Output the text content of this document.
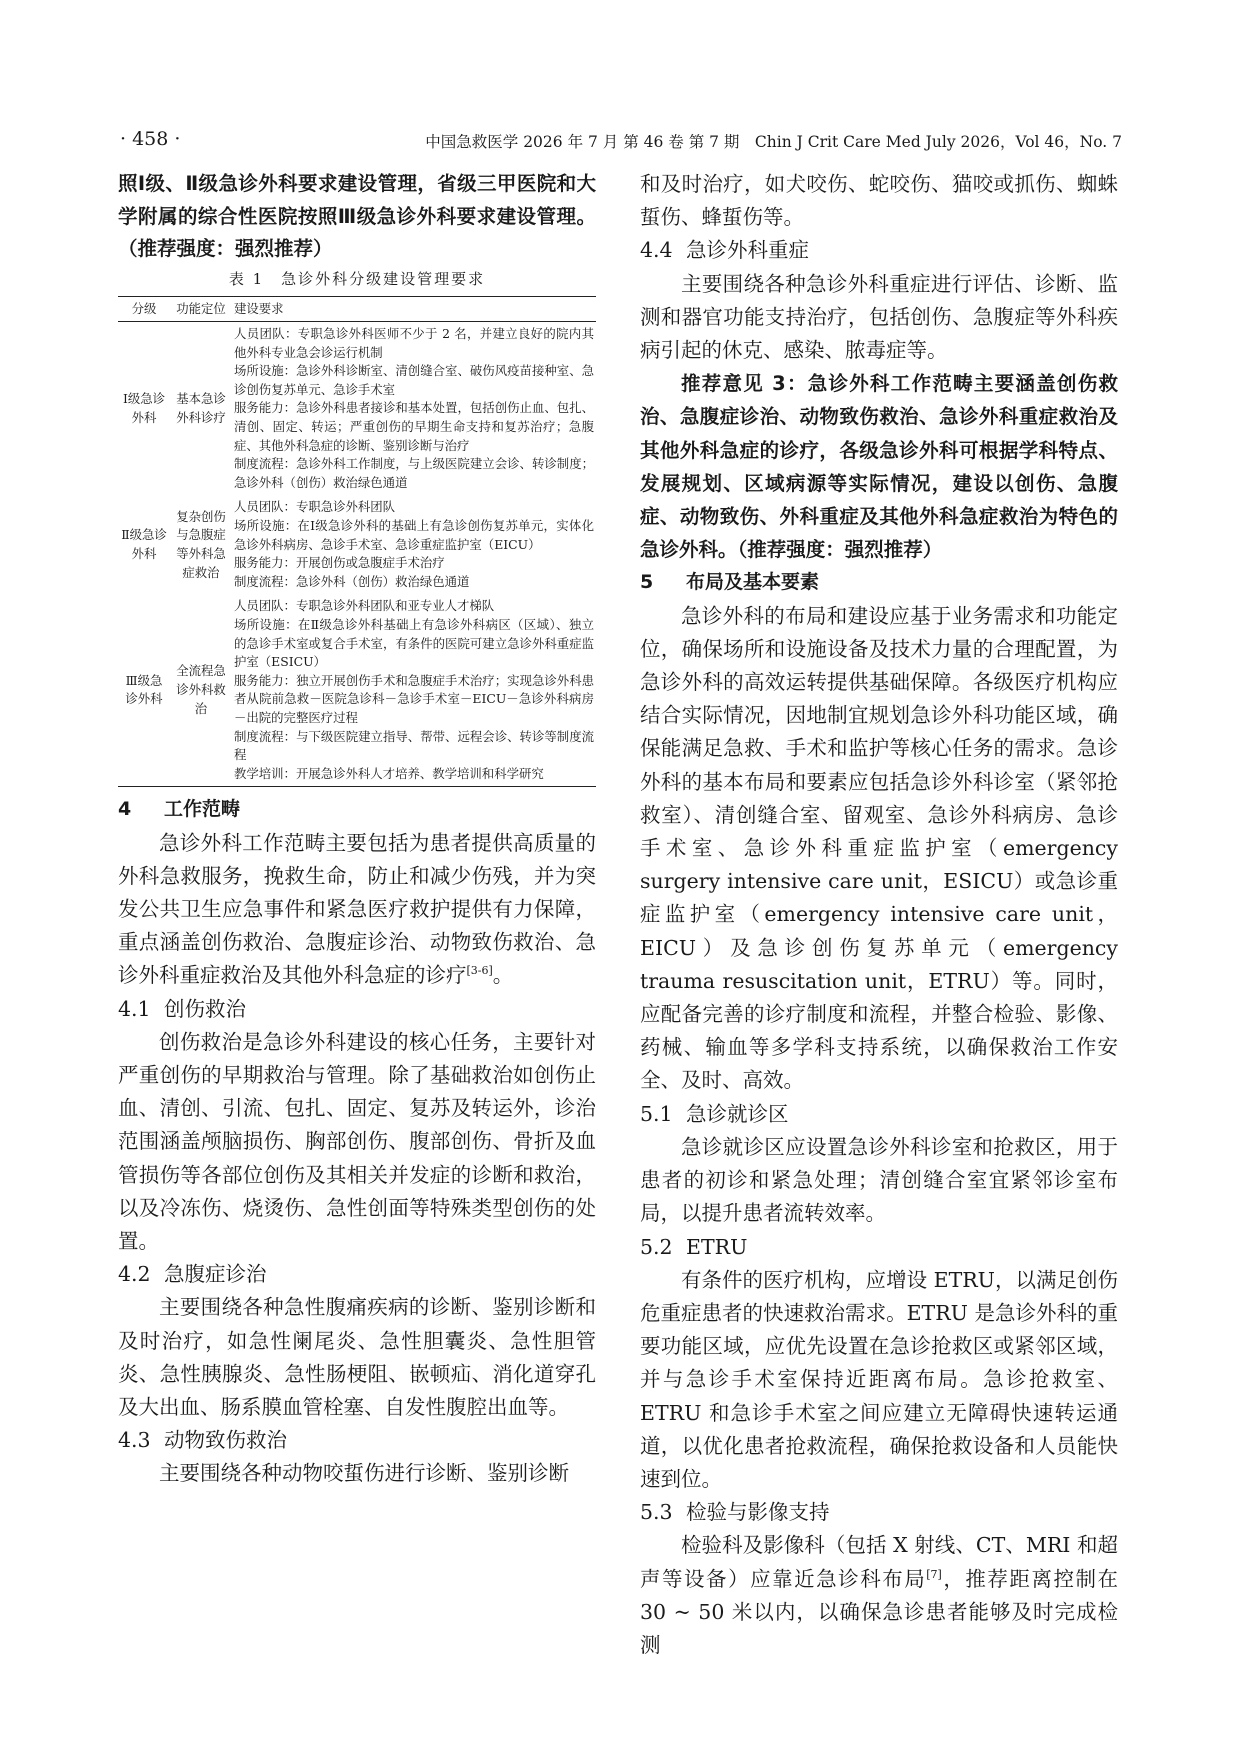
· 458 ·	中国急救医学 2026 年 7 月 第 46 卷 第 7 期　Chin J Crit Care Med July 2026，Vol 46，No. 7

照Ⅰ级、Ⅱ级急诊外科要求建设管理，省级三甲医院和大学附属的综合性医院按照Ⅲ级急诊外科要求建设管理。（推荐强度：强烈推荐）

表 1　急诊外科分级建设管理要求
分级	功能定位	建设要求
Ⅰ级急诊外科	基本急诊外科诊疗	人员团队：专职急诊外科医师不少于 2 名，并建立良好的院内其他外科专业急会诊运行机制
场所设施：急诊外科诊断室、清创缝合室、破伤风疫苗接种室、急诊创伤复苏单元、急诊手术室
服务能力：急诊外科患者接诊和基本处置，包括创伤止血、包扎、清创、固定、转运；严重创伤的早期生命支持和复苏治疗；急腹症、其他外科急症的诊断、鉴别诊断与治疗
制度流程：急诊外科工作制度，与上级医院建立会诊、转诊制度；急诊外科（创伤）救治绿色通道

Ⅱ级急诊外科	复杂创伤与急腹症等外科急症救治	人员团队：专职急诊外科团队
场所设施：在Ⅰ级急诊外科的基础上有急诊创伤复苏单元，实体化急诊外科病房、急诊手术室、急诊重症监护室（EICU）
服务能力：开展创伤或急腹症手术治疗
制度流程：急诊外科（创伤）救治绿色通道

Ⅲ级急诊外科	全流程急诊外科救治	人员团队：专职急诊外科团队和亚专业人才梯队
场所设施：在Ⅱ级急诊外科基础上有急诊外科病区（区域）、独立的急诊手术室或复合手术室，有条件的医院可建立急诊外科重症监护室（ESICU）
服务能力：独立开展创伤手术和急腹症手术治疗；实现急诊外科患者从院前急救－医院急诊科－急诊手术室－EICU－急诊外科病房－出院的完整医疗过程
制度流程：与下级医院建立指导、帮带、远程会诊、转诊等制度流程
教学培训：开展急诊外科人才培养、教学培训和科学研究

4 工作范畴

急诊外科工作范畴主要包括为患者提供高质量的外科急救服务，挽救生命，防止和减少伤残，并为突发公共卫生应急事件和紧急医疗救护提供有力保障，重点涵盖创伤救治、急腹症诊治、动物致伤救治、急诊外科重症救治及其他外科急症的诊疗[3-6]。

4.1 创伤救治

创伤救治是急诊外科建设的核心任务，主要针对严重创伤的早期救治与管理。除了基础救治如创伤止血、清创、引流、包扎、固定、复苏及转运外，诊治范围涵盖颅脑损伤、胸部创伤、腹部创伤、骨折及血管损伤等各部位创伤及其相关并发症的诊断和救治，以及冷冻伤、烧烫伤、急性创面等特殊类型创伤的处置。

4.2 急腹症诊治

主要围绕各种急性腹痛疾病的诊断、鉴别诊断和及时治疗，如急性阑尾炎、急性胆囊炎、急性胆管炎、急性胰腺炎、急性肠梗阻、嵌顿疝、消化道穿孔及大出血、肠系膜血管栓塞、自发性腹腔出血等。

4.3 动物致伤救治

主要围绕各种动物咬蜇伤进行诊断、鉴别诊断

和及时治疗，如犬咬伤、蛇咬伤、猫咬或抓伤、蜘蛛蜇伤、蜂蜇伤等。

4.4 急诊外科重症

主要围绕各种急诊外科重症进行评估、诊断、监测和器官功能支持治疗，包括创伤、急腹症等外科疾病引起的休克、感染、脓毒症等。

推荐意见 3：急诊外科工作范畴主要涵盖创伤救治、急腹症诊治、动物致伤救治、急诊外科重症救治及其他外科急症的诊疗，各级急诊外科可根据学科特点、发展规划、区域病源等实际情况，建设以创伤、急腹症、动物致伤、外科重症及其他外科急症救治为特色的急诊外科。（推荐强度：强烈推荐）

5 布局及基本要素

急诊外科的布局和建设应基于业务需求和功能定位，确保场所和设施设备及技术力量的合理配置，为急诊外科的高效运转提供基础保障。各级医疗机构应结合实际情况，因地制宜规划急诊外科功能区域，确保能满足急救、手术和监护等核心任务的需求。急诊外科的基本布局和要素应包括急诊外科诊室（紧邻抢救室）、清创缝合室、留观室、急诊外科病房、急诊手术室、急诊外科重症监护室（emergency surgery intensive care unit，ESICU）或急诊重症监护室（emergency intensive care unit，EICU）及急诊创伤复苏单元（emergency trauma resuscitation unit，ETRU）等。同时，应配备完善的诊疗制度和流程，并整合检验、影像、药械、输血等多学科支持系统，以确保救治工作安全、及时、高效。

5.1 急诊就诊区

急诊就诊区应设置急诊外科诊室和抢救区，用于患者的初诊和紧急处理；清创缝合室宜紧邻诊室布局，以提升患者流转效率。

5.2 ETRU

有条件的医疗机构，应增设 ETRU，以满足创伤危重症患者的快速救治需求。ETRU 是急诊外科的重要功能区域，应优先设置在急诊抢救区或紧邻区域，并与急诊手术室保持近距离布局。急诊抢救室、ETRU 和急诊手术室之间应建立无障碍快速转运通道，以优化患者抢救流程，确保抢救设备和人员能快速到位。

5.3 检验与影像支持

检验科及影像科（包括 X 射线、CT、MRI 和超声等设备）应靠近急诊科布局[7]，推荐距离控制在 30 ~ 50 米以内，以确保急诊患者能够及时完成检测
